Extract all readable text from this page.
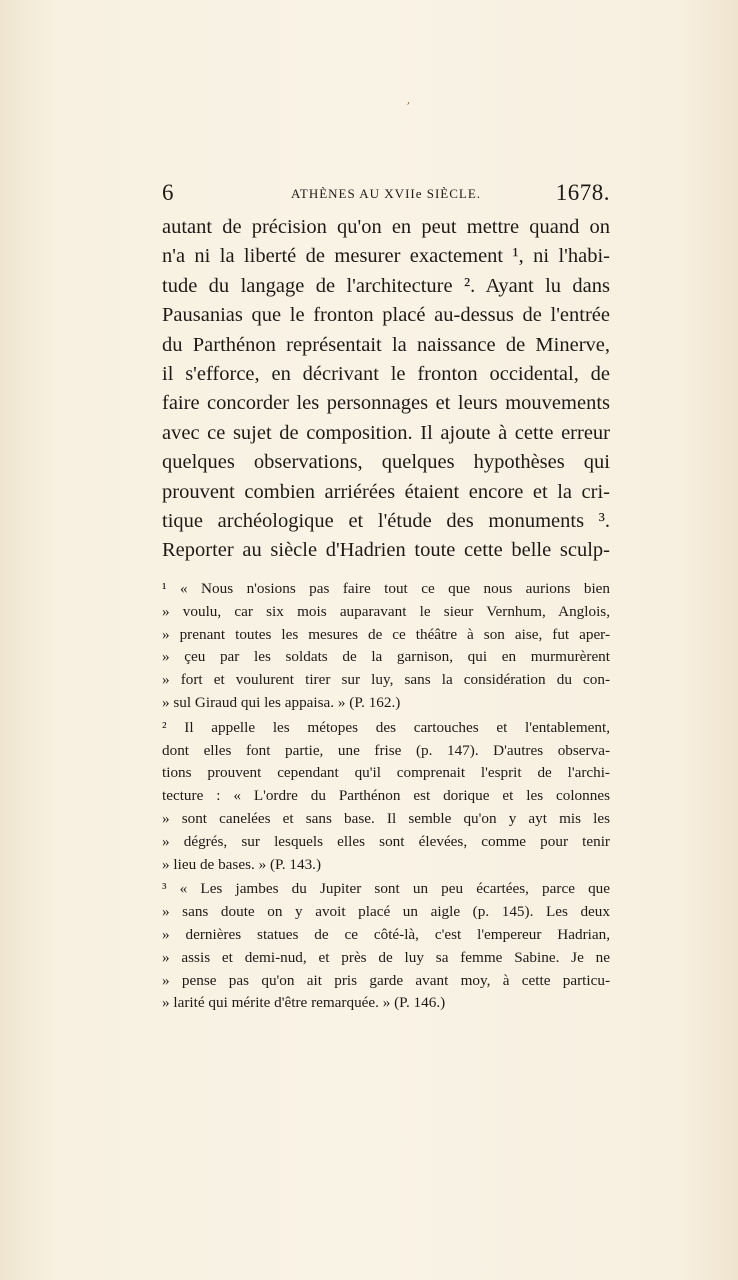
ʼ
6	ATHÈNES AU XVIIe SIÈCLE.	1678.
autant de précision qu'on en peut mettre quand on
n'a ni la liberté de mesurer exactement ¹, ni l'habi-
tude du langage de l'architecture ². Ayant lu dans
Pausanias que le fronton placé au-dessus de l'entrée
du Parthénon représentait la naissance de Minerve,
il s'efforce, en décrivant le fronton occidental, de
faire concorder les personnages et leurs mouvements
avec ce sujet de composition. Il ajoute à cette erreur
quelques observations, quelques hypothèses qui
prouvent combien arriérées étaient encore et la cri-
tique archéologique et l'étude des monuments ³.
Reporter au siècle d'Hadrien toute cette belle sculp-
¹ « Nous n'osions pas faire tout ce que nous aurions bien
» voulu, car six mois auparavant le sieur Vernhum, Anglois,
» prenant toutes les mesures de ce théâtre à son aise, fut aper-
» çeu par les soldats de la garnison, qui en murmurèrent
» fort et voulurent tirer sur luy, sans la considération du con-
» sul Giraud qui les appaisa. » (P. 162.)
² Il appelle les métopes des cartouches et l'entablement,
dont elles font partie, une frise (p. 147). D'autres observa-
tions prouvent cependant qu'il comprenait l'esprit de l'archi-
tecture : « L'ordre du Parthénon est dorique et les colonnes
» sont canelées et sans base. Il semble qu'on y ayt mis les
» dégrés, sur lesquels elles sont élevées, comme pour tenir
» lieu de bases. » (P. 143.)
³ « Les jambes du Jupiter sont un peu écartées, parce que
» sans doute on y avoit placé un aigle (p. 145). Les deux
» dernières statues de ce côté-là, c'est l'empereur Hadrian,
» assis et demi-nud, et près de luy sa femme Sabine. Je ne
» pense pas qu'on ait pris garde avant moy, à cette particu-
» larité qui mérite d'être remarquée. » (P. 146.)
